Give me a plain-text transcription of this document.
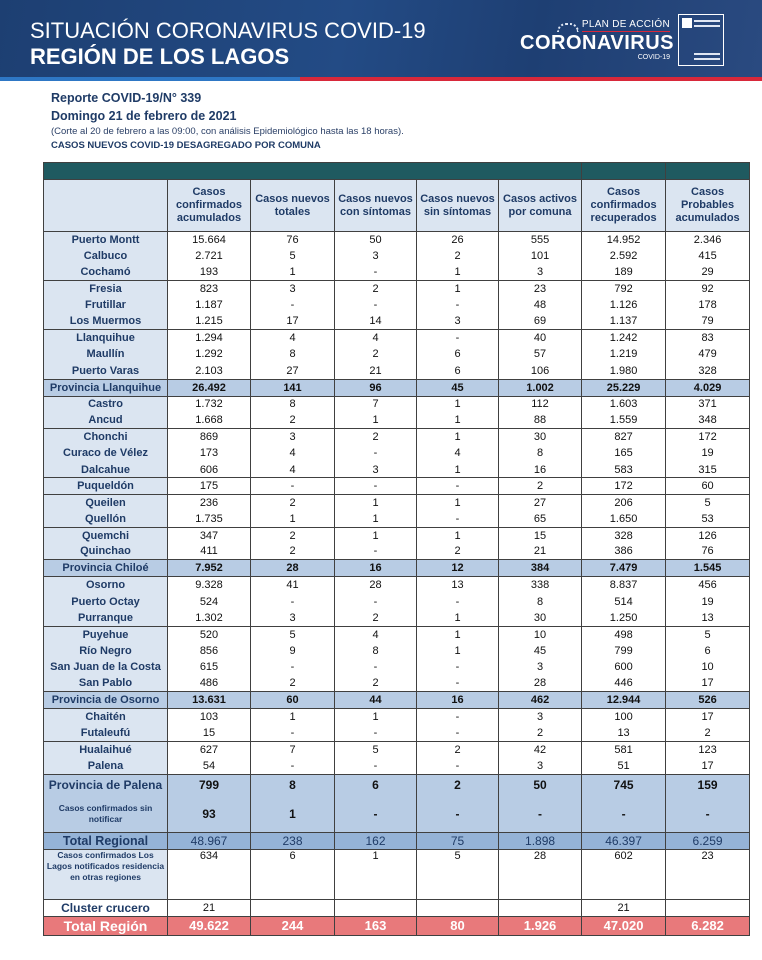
SITUACIÓN CORONAVIRUS COVID-19
REGIÓN DE LOS LAGOS
PLAN DE ACCIÓN
CORONAVIRUS
COVID-19
Reporte COVID-19/N° 339
Domingo 21 de febrero de 2021
(Corte al 20 de febrero a las 09:00, con análisis Epidemiológico hasta las 18 horas).
CASOS NUEVOS COVID-19 DESAGREGADO POR COMUNA

	Casos confirmados acumulados	Casos nuevos totales	Casos nuevos con síntomas	Casos nuevos sin síntomas	Casos activos por comuna	Casos confirmados recuperados	Casos Probables acumulados
Puerto Montt	15.664	76	50	26	555	14.952	2.346
Calbuco	2.721	5	3	2	101	2.592	415
Cochamó	193	1	-	1	3	189	29
Fresia	823	3	2	1	23	792	92
Frutillar	1.187	-	-	-	48	1.126	178
Los Muermos	1.215	17	14	3	69	1.137	79
Llanquihue	1.294	4	4	-	40	1.242	83
Maullín	1.292	8	2	6	57	1.219	479
Puerto Varas	2.103	27	21	6	106	1.980	328
Provincia Llanquihue	26.492	141	96	45	1.002	25.229	4.029
Castro	1.732	8	7	1	112	1.603	371
Ancud	1.668	2	1	1	88	1.559	348
Chonchi	869	3	2	1	30	827	172
Curaco de Vélez	173	4	-	4	8	165	19
Dalcahue	606	4	3	1	16	583	315
Puqueldón	175	-	-	-	2	172	60
Queilen	236	2	1	1	27	206	5
Quellón	1.735	1	1	-	65	1.650	53
Quemchi	347	2	1	1	15	328	126
Quinchao	411	2	-	2	21	386	76
Provincia Chiloé	7.952	28	16	12	384	7.479	1.545
Osorno	9.328	41	28	13	338	8.837	456
Puerto Octay	524	-	-	-	8	514	19
Purranque	1.302	3	2	1	30	1.250	13
Puyehue	520	5	4	1	10	498	5
Río Negro	856	9	8	1	45	799	6
San Juan de la Costa	615	-	-	-	3	600	10
San Pablo	486	2	2	-	28	446	17
Provincia de Osorno	13.631	60	44	16	462	12.944	526
Chaitén	103	1	1	-	3	100	17
Futaleufú	15	-	-	-	2	13	2
Hualaihué	627	7	5	2	42	581	123
Palena	54	-	-	-	3	51	17
Provincia de Palena	799	8	6	2	50	745	159
Casos confirmados sin notificar	93	1	-	-	-	-	-
Total Regional	48.967	238	162	75	1.898	46.397	6.259
Casos confirmados Los Lagos notificados residencia en otras regiones	634	6	1	5	28	602	23
Cluster crucero	21					21	
Total Región	49.622	244	163	80	1.926	47.020	6.282
